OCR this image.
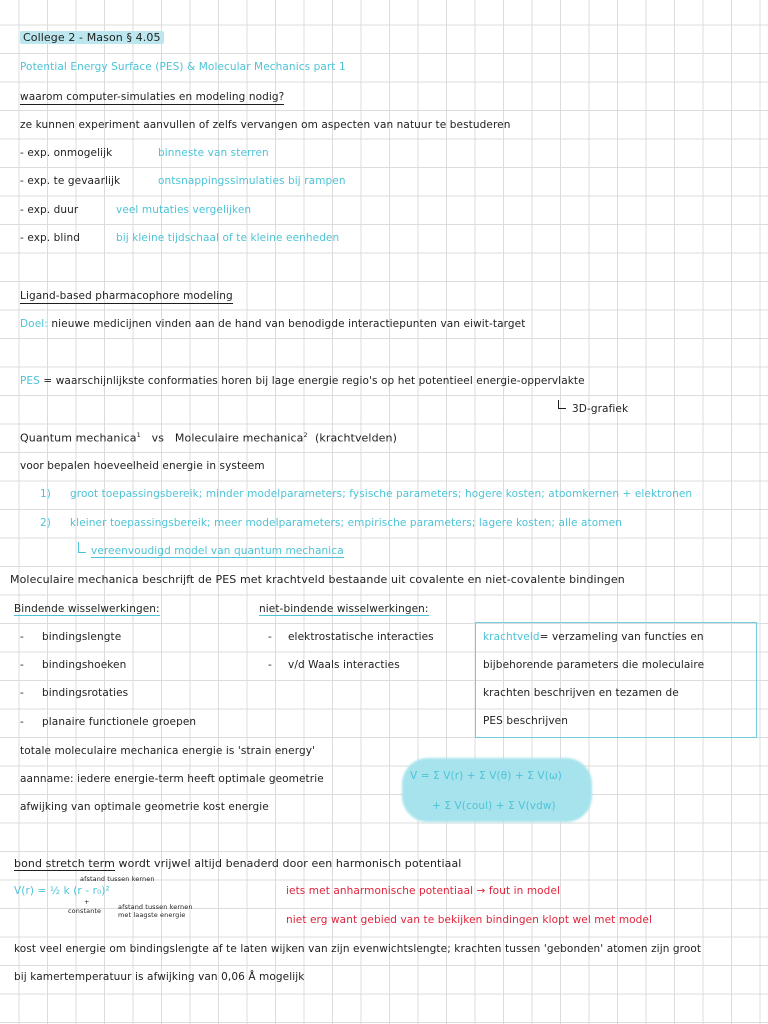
College 2 - Mason § 4.05
Potential Energy Surface (PES) & Molecular Mechanics part 1
waarom computer-simulaties en modeling nodig?
ze kunnen experiment aanvullen of zelfs vervangen om aspecten van natuur te bestuderen
- exp. onmogelijk	binneste van sterren
- exp. te gevaarlijk	ontsnappingssimulaties bij rampen
- exp. duur	veel mutaties vergelijken
- exp. blind	bij kleine tijdschaal of te kleine eenheden
Ligand-based pharmacophore modeling
Doel: nieuwe medicijnen vinden aan de hand van benodigde interactiepunten van eiwit-target
PES = waarschijnlijkste conformaties horen bij lage energie regio's op het potentieel energie-oppervlakte
3D-grafiek
Quantum mechanica$^1$ vs Moleculaire mechanica$^2$ (krachtvelden)
voor bepalen hoeveelheid energie in systeem
1) groot toepassingsbereik; minder modelparameters; fysische parameters; hogere kosten; atoomkernen + elektronen
2) kleiner toepassingsbereik; meer modelparameters; empirische parameters; lagere kosten; alle atomen
vereenvoudigd model van quantum mechanica
Moleculaire mechanica beschrijft de PES met krachtveld bestaande uit covalente en niet-covalente bindingen
Bindende wisselwerkingen:	niet-bindende wisselwerkingen:
- bindingslengte
- bindingshoeken
- bindingsrotaties
- planaire functionele groepen
- elektrostatische interacties
- v/d Waals interacties
krachtveld= verzameling van functies en
bijbehorende parameters die moleculaire
krachten beschrijven en tezamen de
PES beschrijven
totale moleculaire mechanica energie is 'strain energy'
aanname: iedere energie-term heeft optimale geometrie
afwijking van optimale geometrie kost energie
V = Σ V(r) + Σ V(θ) + Σ V(ω)
+ Σ V(coul) + Σ V(vdw)
bond stretch term wordt vrijwel altijd benaderd door een harmonisch potentiaal
afstand tussen kernen
V(r) = ½ k (r - r₀)²
+
constante	afstand tussen kernen
met laagste energie
iets met anharmonische potentiaal → fout in model
niet erg want gebied van te bekijken bindingen klopt wel met model
kost veel energie om bindingslengte af te laten wijken van zijn evenwichtslengte; krachten tussen 'gebonden' atomen zijn groot
bij kamertemperatuur is afwijking van 0,06 Å mogelijk
